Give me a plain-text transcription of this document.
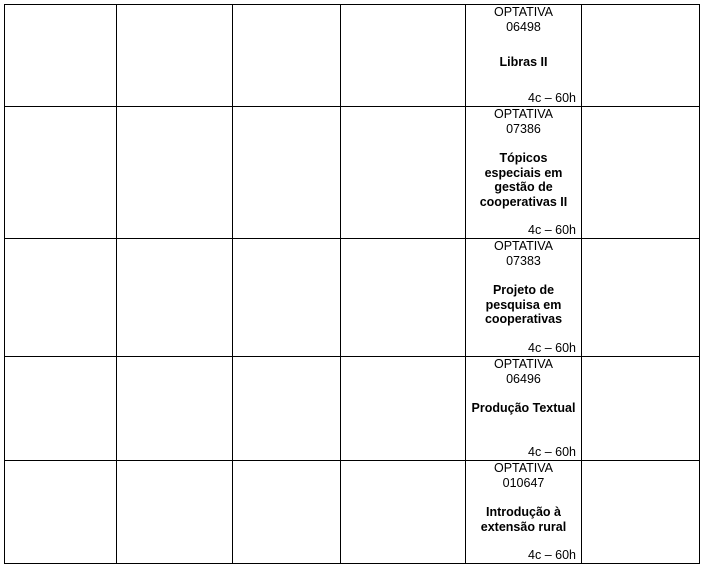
				OPTATIVA
06498
Libras II
4c – 60h	

				OPTATIVA
07386
Tópicos especiais em gestão de cooperativas II
4c – 60h	

				OPTATIVA
07383
Projeto de pesquisa em cooperativas
4c – 60h	

				OPTATIVA
06496
Produção Textual
4c – 60h	

				OPTATIVA
010647
Introdução à extensão rural
4c – 60h	
